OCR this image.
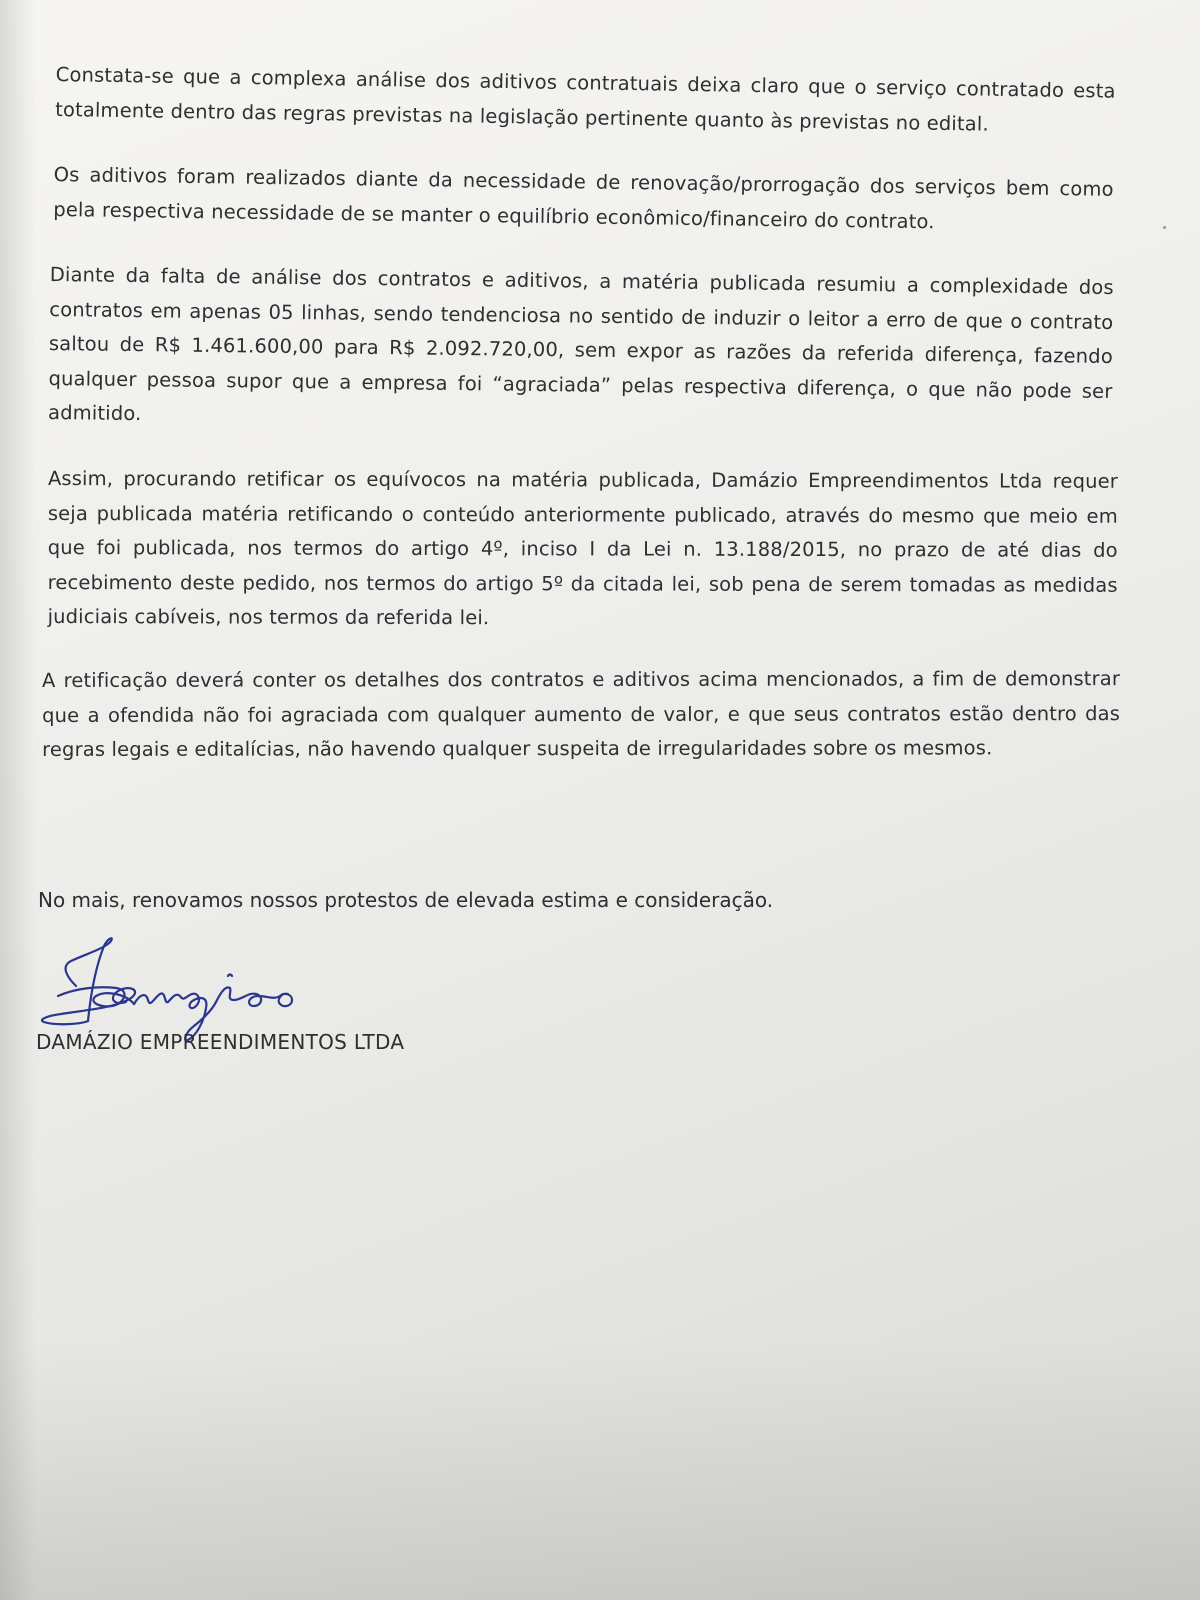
Constata-se que a complexa análise dos aditivos contratuais deixa claro que o serviço contratado esta totalmente dentro das regras previstas na legislação pertinente quanto às previstas no edital.

Os aditivos foram realizados diante da necessidade de renovação/prorrogação dos serviços bem como pela respectiva necessidade de se manter o equilíbrio econômico/financeiro do contrato.

Diante da falta de análise dos contratos e aditivos, a matéria publicada resumiu a complexidade dos contratos em apenas 05 linhas, sendo tendenciosa no sentido de induzir o leitor a erro de que o contrato saltou de R$ 1.461.600,00 para R$ 2.092.720,00, sem expor as razões da referida diferença, fazendo qualquer pessoa supor que a empresa foi “agraciada” pelas respectiva diferença, o que não pode ser admitido.

Assim, procurando retificar os equívocos na matéria publicada, Damázio Empreendimentos Ltda requer seja publicada matéria retificando o conteúdo anteriormente publicado, através do mesmo que meio em que foi publicada, nos termos do artigo 4º, inciso I da Lei n. 13.188/2015, no prazo de até dias do recebimento deste pedido, nos termos do artigo 5º da citada lei, sob pena de serem tomadas as medidas judiciais cabíveis, nos termos da referida lei.

A retificação deverá conter os detalhes dos contratos e aditivos acima mencionados, a fim de demonstrar que a ofendida não foi agraciada com qualquer aumento de valor, e que seus contratos estão dentro das regras legais e editalícias, não havendo qualquer suspeita de irregularidades sobre os mesmos.

No mais, renovamos nossos protestos de elevada estima e consideração.

DAMÁZIO EMPREENDIMENTOS LTDA
